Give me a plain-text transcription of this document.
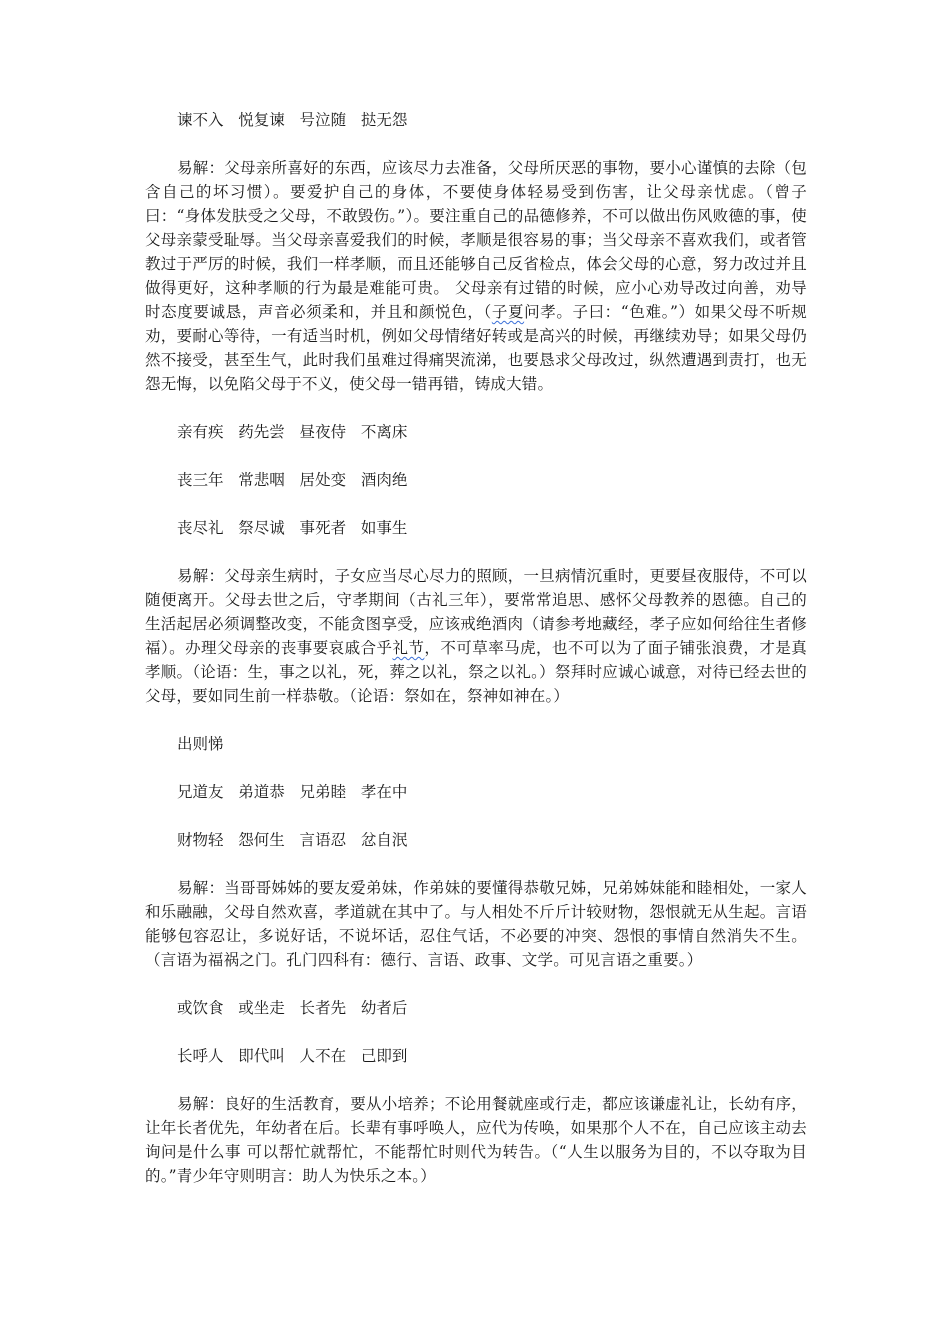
谏不入   悦复谏   号泣随   挞无怨

易解：父母亲所喜好的东西，应该尽力去准备，父母所厌恶的事物，要小心谨慎的去除（包含自己的坏习惯）。要爱护自己的身体，不要使身体轻易受到伤害，让父母亲忧虑。（曾子曰：“身体发肤受之父母，不敢毁伤。”）。要注重自己的品德修养，不可以做出伤风败德的事，使父母亲蒙受耻辱。当父母亲喜爱我们的时候，孝顺是很容易的事；当父母亲不喜欢我们，或者管教过于严厉的时候，我们一样孝顺，而且还能够自己反省检点，体会父母的心意，努力改过并且做得更好，这种孝顺的行为最是难能可贵。 父母亲有过错的时候，应小心劝导改过向善，劝导时态度要诚恳，声音必须柔和，并且和颜悦色，（子夏问孝。子曰：“色难。”）如果父母不听规劝，要耐心等待，一有适当时机，例如父母情绪好转或是高兴的时候，再继续劝导；如果父母仍然不接受，甚至生气，此时我们虽难过得痛哭流涕，也要恳求父母改过，纵然遭遇到责打，也无怨无悔，以免陷父母于不义，使父母一错再错，铸成大错。

亲有疾   药先尝   昼夜侍   不离床

丧三年   常悲咽   居处变   酒肉绝

丧尽礼   祭尽诚   事死者   如事生

易解：父母亲生病时，子女应当尽心尽力的照顾，一旦病情沉重时，更要昼夜服侍，不可以随便离开。父母去世之后，守孝期间（古礼三年），要常常追思、感怀父母教养的恩德。自己的生活起居必须调整改变，不能贪图享受，应该戒绝酒肉（请参考地藏经，孝子应如何给往生者修福）。办理父母亲的丧事要哀戚合乎礼节，不可草率马虎，也不可以为了面子铺张浪费，才是真孝顺。（论语：生，事之以礼，死，葬之以礼，祭之以礼。）祭拜时应诚心诚意，对待已经去世的父母，要如同生前一样恭敬。（论语：祭如在，祭神如神在。）

出则悌

兄道友   弟道恭   兄弟睦   孝在中

财物轻   怨何生   言语忍   忿自泯

易解：当哥哥姊姊的要友爱弟妹，作弟妹的要懂得恭敬兄姊，兄弟姊妹能和睦相处，一家人和乐融融，父母自然欢喜，孝道就在其中了。与人相处不斤斤计较财物，怨恨就无从生起。言语能够包容忍让，多说好话，不说坏话，忍住气话，不必要的冲突、怨恨的事情自然消失不生。（言语为福祸之门。孔门四科有：德行、言语、政事、文学。可见言语之重要。）

或饮食   或坐走   长者先   幼者后

长呼人   即代叫   人不在   己即到

易解：良好的生活教育，要从小培养；不论用餐就座或行走，都应该谦虚礼让，长幼有序，让年长者优先，年幼者在后。长辈有事呼唤人，应代为传唤，如果那个人不在，自己应该主动去询问是什么事 可以帮忙就帮忙，不能帮忙时则代为转告。（“人生以服务为目的，不以夺取为目的。”青少年守则明言：助人为快乐之本。）
